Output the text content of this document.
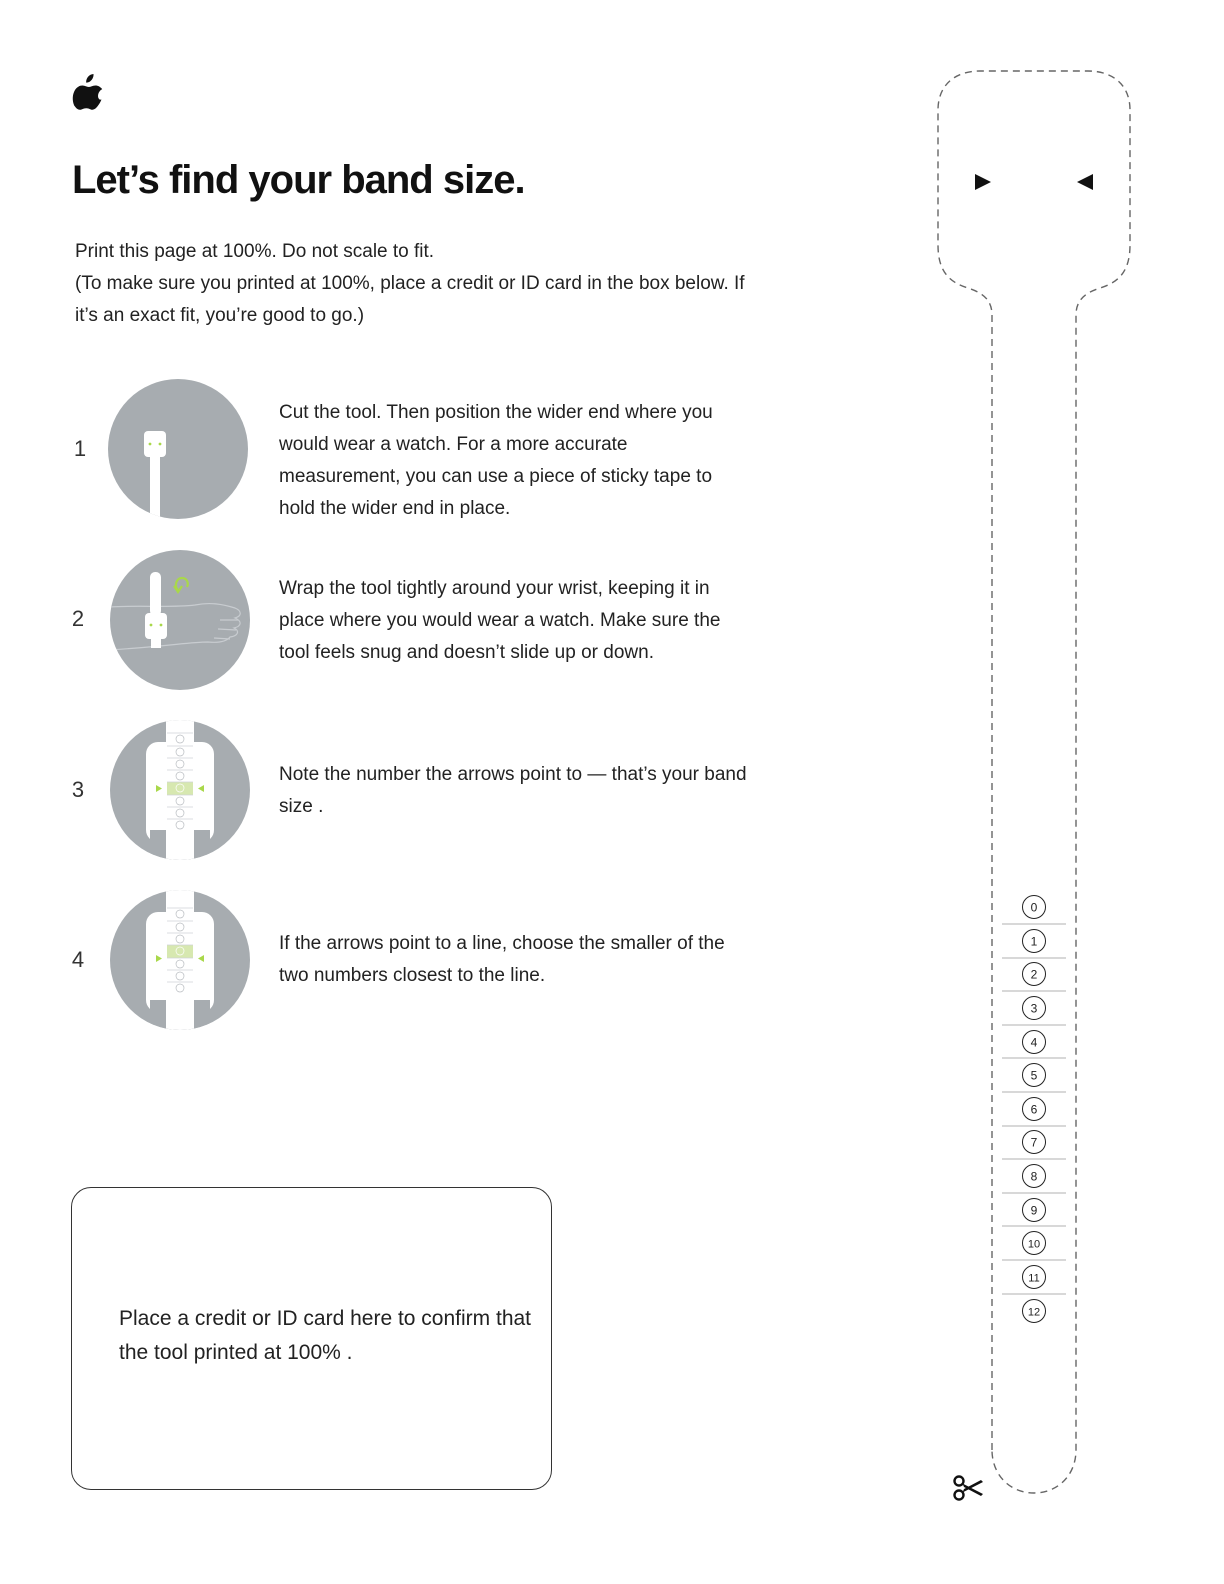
Let’s find your band size.

Print this page at 100%. Do not scale to fit.

(To make sure you printed at 100%, place a credit or ID card in the box below. If it’s an exact fit, you’re good to go.)

1
Cut the tool. Then position the wider end where you would wear a watch. For a more accurate measurement, you can use a piece of sticky tape to hold the wider end in place.
2
Wrap the tool tightly around your wrist, keeping it in place where you would wear a watch. Make sure the tool feels snug and doesn’t slide up or down.
3
Note the number the arrows point to — that’s your band size .
4
If the arrows point to a line, choose the smaller of the two numbers closest to the line.
Place a credit or ID card here to confirm that the tool printed at 100% .
0
1
2
3
4
5
6
7
8
9
10
11
12
